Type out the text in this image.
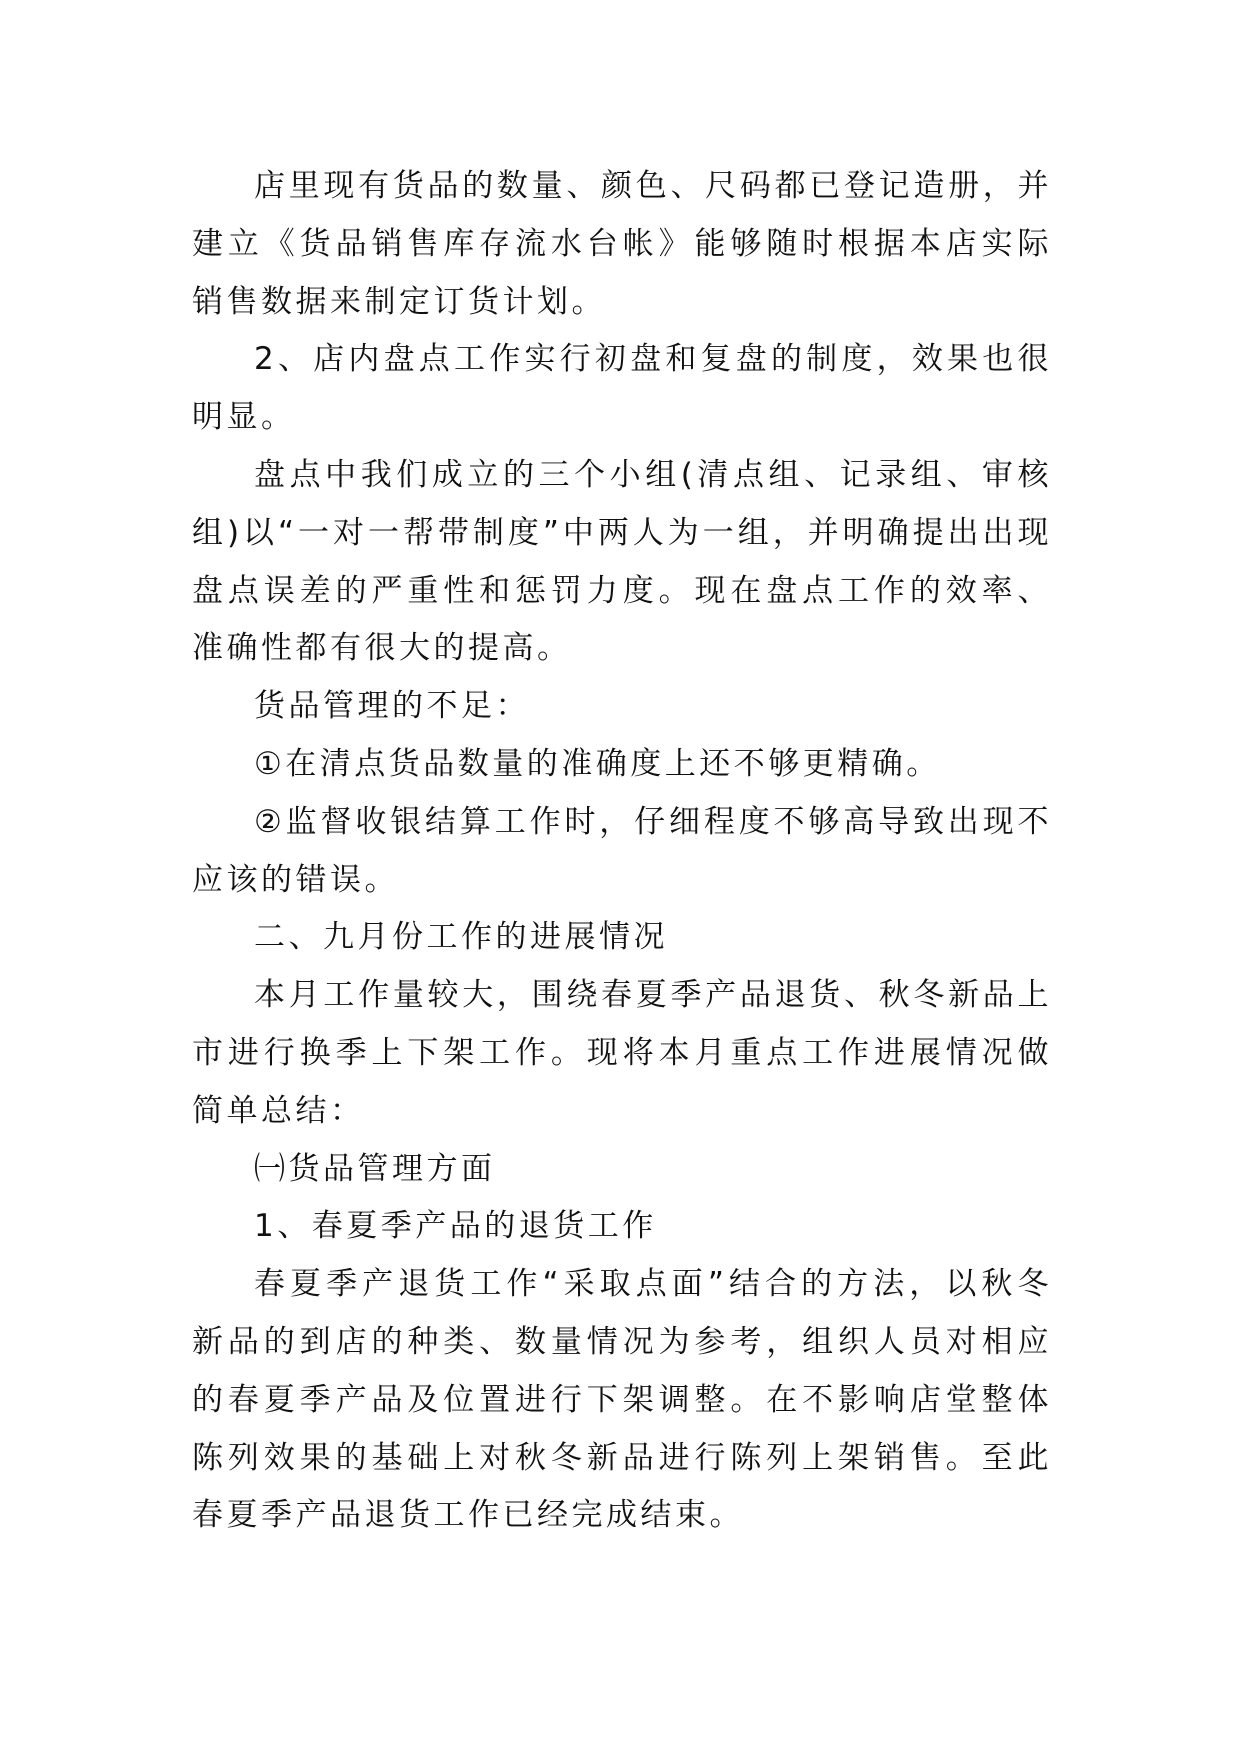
店里现有货品的数量、颜色、尺码都已登记造册，并建立《货品销售库存流水台帐》能够随时根据本店实际销售数据来制定订货计划。

2、店内盘点工作实行初盘和复盘的制度，效果也很明显。

盘点中我们成立的三个小组(清点组、记录组、审核组)以“一对一帮带制度”中两人为一组，并明确提出出现盘点误差的严重性和惩罚力度。现在盘点工作的效率、准确性都有很大的提高。

货品管理的不足：

①在清点货品数量的准确度上还不够更精确。

②监督收银结算工作时，仔细程度不够高导致出现不应该的错误。

二、九月份工作的进展情况

本月工作量较大，围绕春夏季产品退货、秋冬新品上市进行换季上下架工作。现将本月重点工作进展情况做简单总结：

㈠货品管理方面

1、春夏季产品的退货工作

春夏季产退货工作“采取点面”结合的方法，以秋冬新品的到店的种类、数量情况为参考，组织人员对相应的春夏季产品及位置进行下架调整。在不影响店堂整体陈列效果的基础上对秋冬新品进行陈列上架销售。至此春夏季产品退货工作已经完成结束。
